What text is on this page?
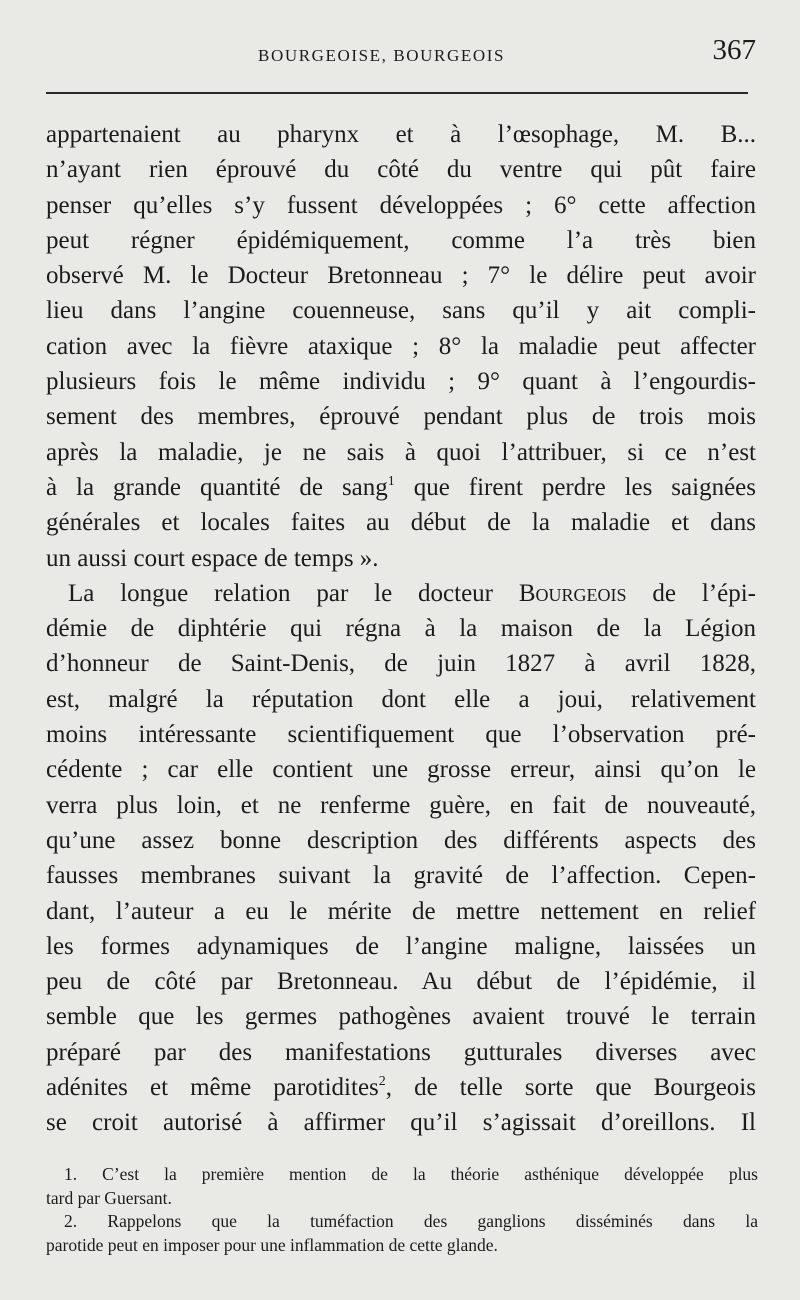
BOURGEOISE, BOURGEOIS	367
appartenaient au pharynx et à l’œsophage, M. B...
n’ayant rien éprouvé du côté du ventre qui pût faire
penser qu’elles s’y fussent développées ; 6° cette affection
peut régner épidémiquement, comme l’a très bien
observé M. le Docteur Bretonneau ; 7° le délire peut avoir
lieu dans l’angine couenneuse, sans qu’il y ait compli-
cation avec la fièvre ataxique ; 8° la maladie peut affecter
plusieurs fois le même individu ; 9° quant à l’engourdis-
sement des membres, éprouvé pendant plus de trois mois
après la maladie, je ne sais à quoi l’attribuer, si ce n’est
à la grande quantité de sang$^1$ que firent perdre les saignées
générales et locales faites au début de la maladie et dans
un aussi court espace de temps ».
La longue relation par le docteur Bourgeois de l’épi-
démie de diphtérie qui régna à la maison de la Légion
d’honneur de Saint-Denis, de juin 1827 à avril 1828,
est, malgré la réputation dont elle a joui, relativement
moins intéressante scientifiquement que l’observation pré-
cédente ; car elle contient une grosse erreur, ainsi qu’on le
verra plus loin, et ne renferme guère, en fait de nouveauté,
qu’une assez bonne description des différents aspects des
fausses membranes suivant la gravité de l’affection. Cepen-
dant, l’auteur a eu le mérite de mettre nettement en relief
les formes adynamiques de l’angine maligne, laissées un
peu de côté par Bretonneau. Au début de l’épidémie, il
semble que les germes pathogènes avaient trouvé le terrain
préparé par des manifestations gutturales diverses avec
adénites et même parotidites$^2$, de telle sorte que Bourgeois
se croit autorisé à affirmer qu’il s’agissait d’oreillons. Il
1. C’est la première mention de la théorie asthénique développée plus
tard par Guersant.
2. Rappelons que la tuméfaction des ganglions disséminés dans la
parotide peut en imposer pour une inflammation de cette glande.
